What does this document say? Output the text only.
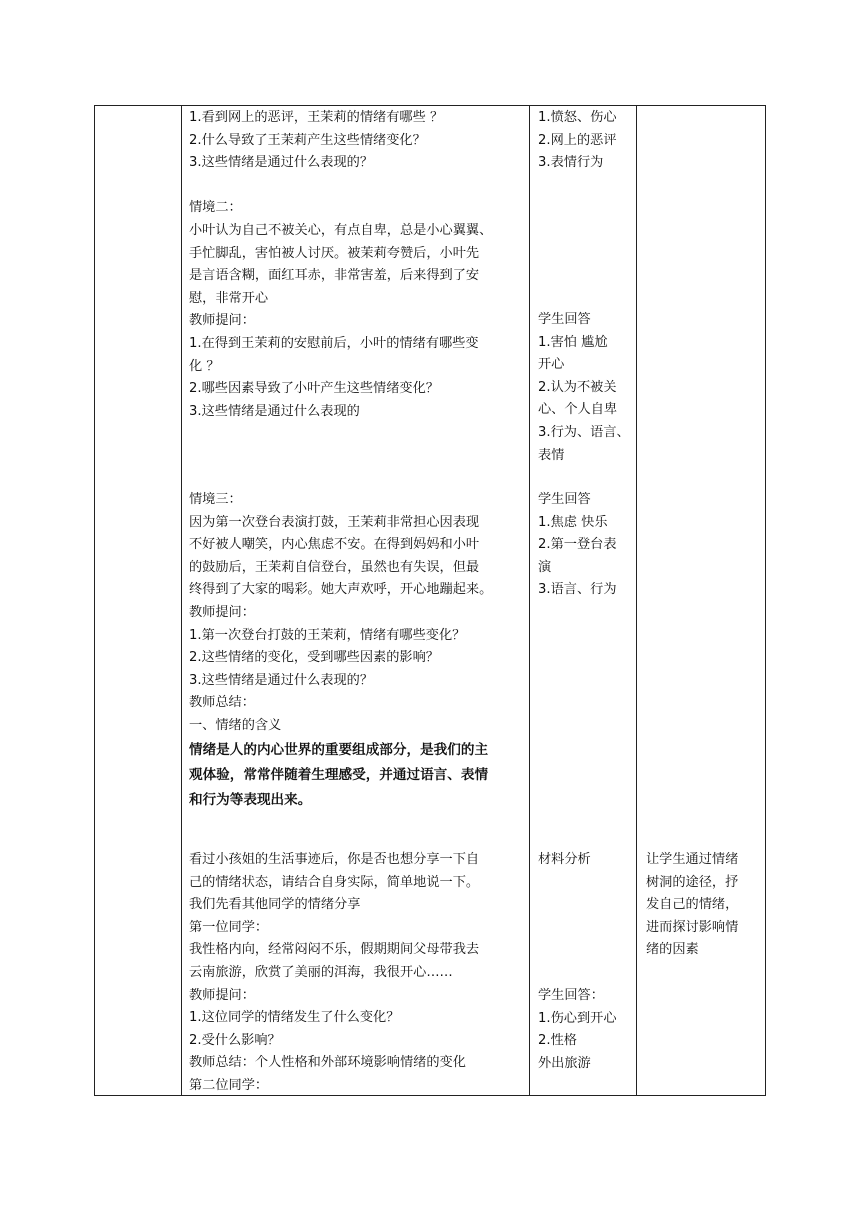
1.看到网上的恶评，王茉莉的情绪有哪些 ？
2.什么导致了王茉莉产生这些情绪变化？
3.这些情绪是通过什么表现的？
情境二：
小叶认为自己不被关心，有点自卑，总是小心翼翼、
手忙脚乱，害怕被人讨厌。被茉莉夸赞后，小叶先
是言语含糊，面红耳赤，非常害羞，后来得到了安
慰，非常开心
教师提问：
1.在得到王茉莉的安慰前后，小叶的情绪有哪些变
化 ？
2.哪些因素导致了小叶产生这些情绪变化？
3.这些情绪是通过什么表现的
情境三：
因为第一次登台表演打鼓，王茉莉非常担心因表现
不好被人嘲笑，内心焦虑不安。在得到妈妈和小叶
的鼓励后，王茉莉自信登台，虽然也有失误，但最
终得到了大家的喝彩。她大声欢呼，开心地蹦起来。
教师提问：
1.第一次登台打鼓的王茉莉，情绪有哪些变化？
2.这些情绪的变化，受到哪些因素的影响？
3.这些情绪是通过什么表现的？
教师总结：
一、情绪的含义
情绪是人的内心世界的重要组成部分，是我们的主
观体验，常常伴随着生理感受，并通过语言、表情
和行为等表现出来。
看过小孩姐的生活事迹后，你是否也想分享一下自
己的情绪状态，请结合自身实际，简单地说一下。
我们先看其他同学的情绪分享
第一位同学：
我性格内向，经常闷闷不乐，假期期间父母带我去
云南旅游，欣赏了美丽的洱海，我很开心……
教师提问：
1.这位同学的情绪发生了什么变化？
2.受什么影响？
教师总结：个人性格和外部环境影响情绪的变化
第二位同学：
1.愤怒、伤心
2.网上的恶评
3.表情行为
学生回答
1.害怕 尴尬
开心
2.认为不被关
心、个人自卑
3.行为、语言、
表情
学生回答
1.焦虑 快乐
2.第一登台表
演
3.语言、行为
材料分析
学生回答：
1.伤心到开心
2.性格
外出旅游
让学生通过情绪
树洞的途径，抒
发自己的情绪，
进而探讨影响情
绪的因素
